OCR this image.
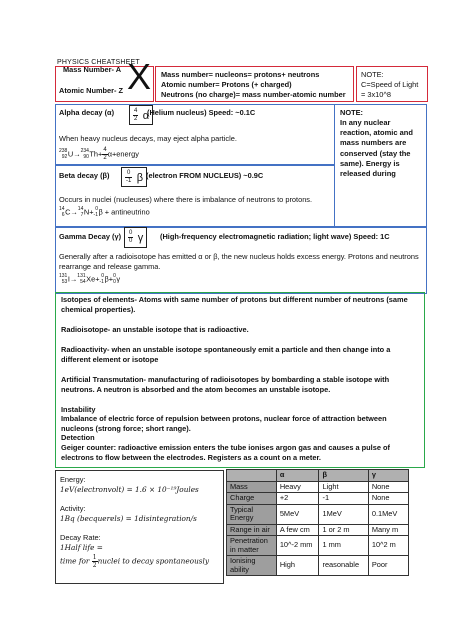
PHYSICS CHEATSHEET
Mass Number- A
Atomic Number- Z X Mass number= nucleons= protons+ neutrons
Atomic number= Protons (+ charged)
Neutrons (no charge)= mass number-atomic number
NOTE:
C=Speed of Light
= 3x10^8
NOTE:
In any nuclear reaction, atomic and mass numbers are conserved (stay the same). Energy is released during
Alpha decay (α)	$\frac{4}{2}$ α
(Helium nucleus) Speed: ~0.1C
When heavy nucleus decays, may eject alpha particle.
238
92 U→ 234
90 $Th+ \frac{4}{2}$ α+energy
Beta decay (β)	$\frac{0}{-1}$ β (electron FROM NUCLEUS) ~0.9C
Occurs in nuclei (nucleuses) where there is imbalance of neutrons to protons.
14
6 C→ 14
7 N+ 0
-1 β + antineutrino
Gamma Decay $(\gamma) \frac{0}{0}$ γ	(High-frequency electromagnetic radiation; light wave) Speed: 1C
Generally after a radioisotope has emitted α or β, the new nucleus holds excess energy. Protons and neutrons rearrange and release gamma.
131
53 I→ 131
54 Xe+ 0
-1 β+ 0
0 γ
Isotopes of elements- Atoms with same number of protons but different number of neutrons (same chemical properties).
Radioisotope- an unstable isotope that is radioactive.
Radioactivity- when an unstable isotope spontaneously emit a particle and then change into a different element or isotope
Artificial Transmutation- manufacturing of radioisotopes by bombarding a stable isotope with neutrons. A neutron is absorbed and the atom becomes an unstable isotope.
Instability
Imbalance of electric force of repulsion between protons, nuclear force of attraction between nucleons (strong force; short range).
Detection
Geiger counter: radioactive emission enters the tube ionises argon gas and causes a pulse of electrons to flow between the electrodes. Registers as a count on a meter.
Energy:
1eV(electronvolt) = 1.6 × 10⁻¹⁹Joules
Activity:
1Bq (becquerels) = 1disintegration/s
Decay Rate:
1Half life =
time for $\frac{1}{2}$ nuclei to decay spontaneously
	α	β	γ
Mass	Heavy	Light	None
Charge	+2	-1	None
Typical Energy	5MeV	1MeV	0.1MeV
Range in air	A few cm	1 or 2 m	Many m
Penetration in matter	10^-2 mm	1 mm	10^2 m
Ionising ability	High	reasonable	Poor
